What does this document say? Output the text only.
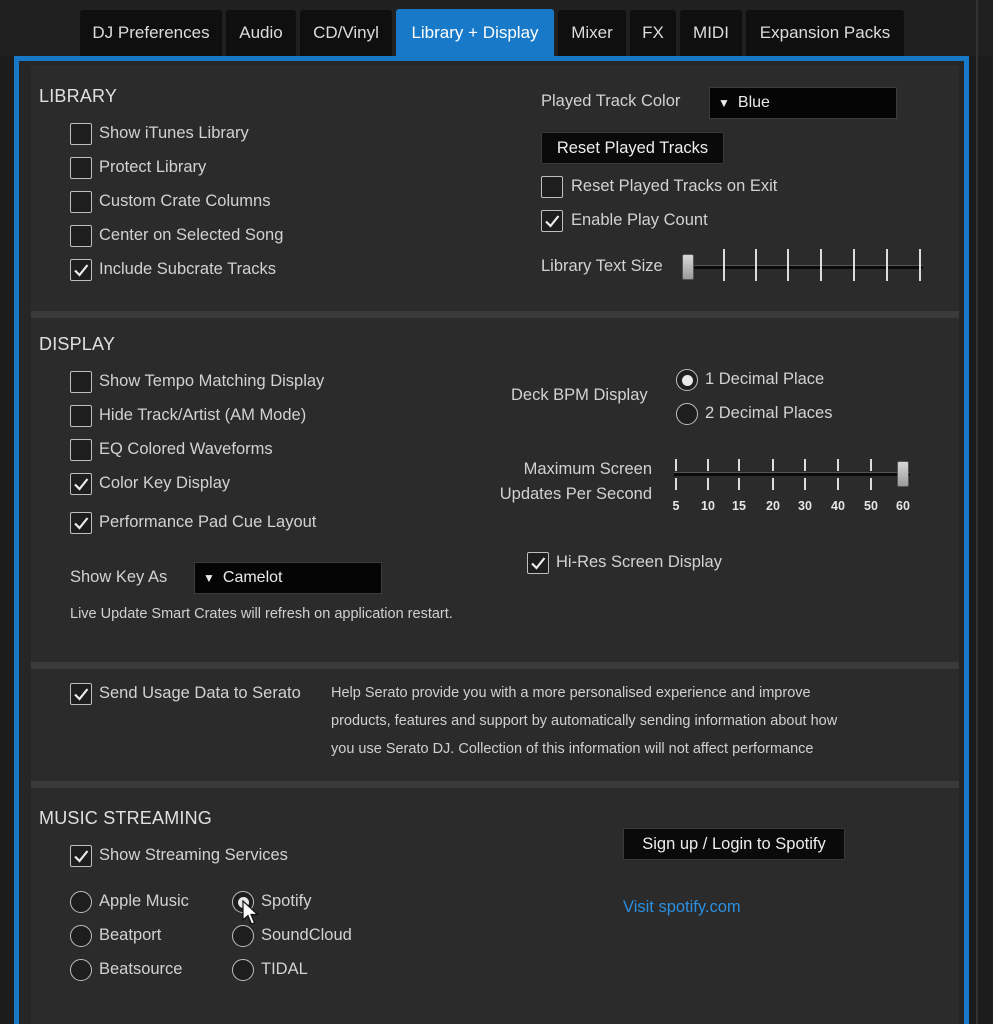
DJ Preferences	Audio	CD/Vinyl	Library + Display	Mixer	FX	MIDI	Expansion Packs
LIBRARY
Show iTunes Library
Protect Library
Custom Crate Columns
Center on Selected Song
Include Subcrate Tracks
Played Track Color	▼ Blue
Reset Played Tracks
Reset Played Tracks on Exit
Enable Play Count
Library Text Size
DISPLAY
Show Tempo Matching Display
Hide Track/Artist (AM Mode)
EQ Colored Waveforms
Color Key Display
Performance Pad Cue Layout
Show Key As	▼ Camelot
Live Update Smart Crates will refresh on application restart.
Deck BPM Display
1 Decimal Place
2 Decimal Places
Maximum Screen
Updates Per Second
5	10	15	20	30	40	50	60
Hi-Res Screen Display
Send Usage Data to Serato Help Serato provide you with a more personalised experience and improve
products, features and support by automatically sending information about how
you use Serato DJ. Collection of this information will not affect performance
MUSIC STREAMING
Show Streaming Services
Apple Music
Beatport
Beatsource
Spotify
SoundCloud
TIDAL
Sign up / Login to Spotify
Visit spotify.com
